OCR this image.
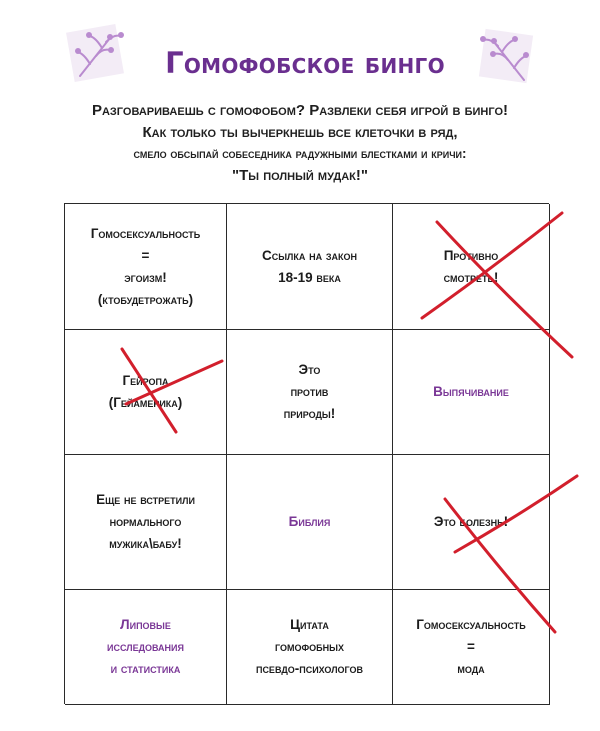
Гомофобское бинго
Разговариваешь с гомофобом? Развлеки себя игрой в бинго!
Как только ты вычеркнешь все клеточки в ряд,
смело обсыпай собеседника радужными блестками и кричи:
"Ты полный мудак!"
Гомосексуальность
=
эгоизм!
(ктобудетрожать)
Ссылка на закон
18-19 века
Противно
смотреть!
Гейропа
(Гейамерика)
Это
против
природы!
Выпячивание
Еще не встретили
нормального
мужика\бабу!
Библия	Это болезнь!
Липовые
исследования
и статистика
Цитата
гомофобных
псевдо-психологов
Гомосексуальность
=
мода
